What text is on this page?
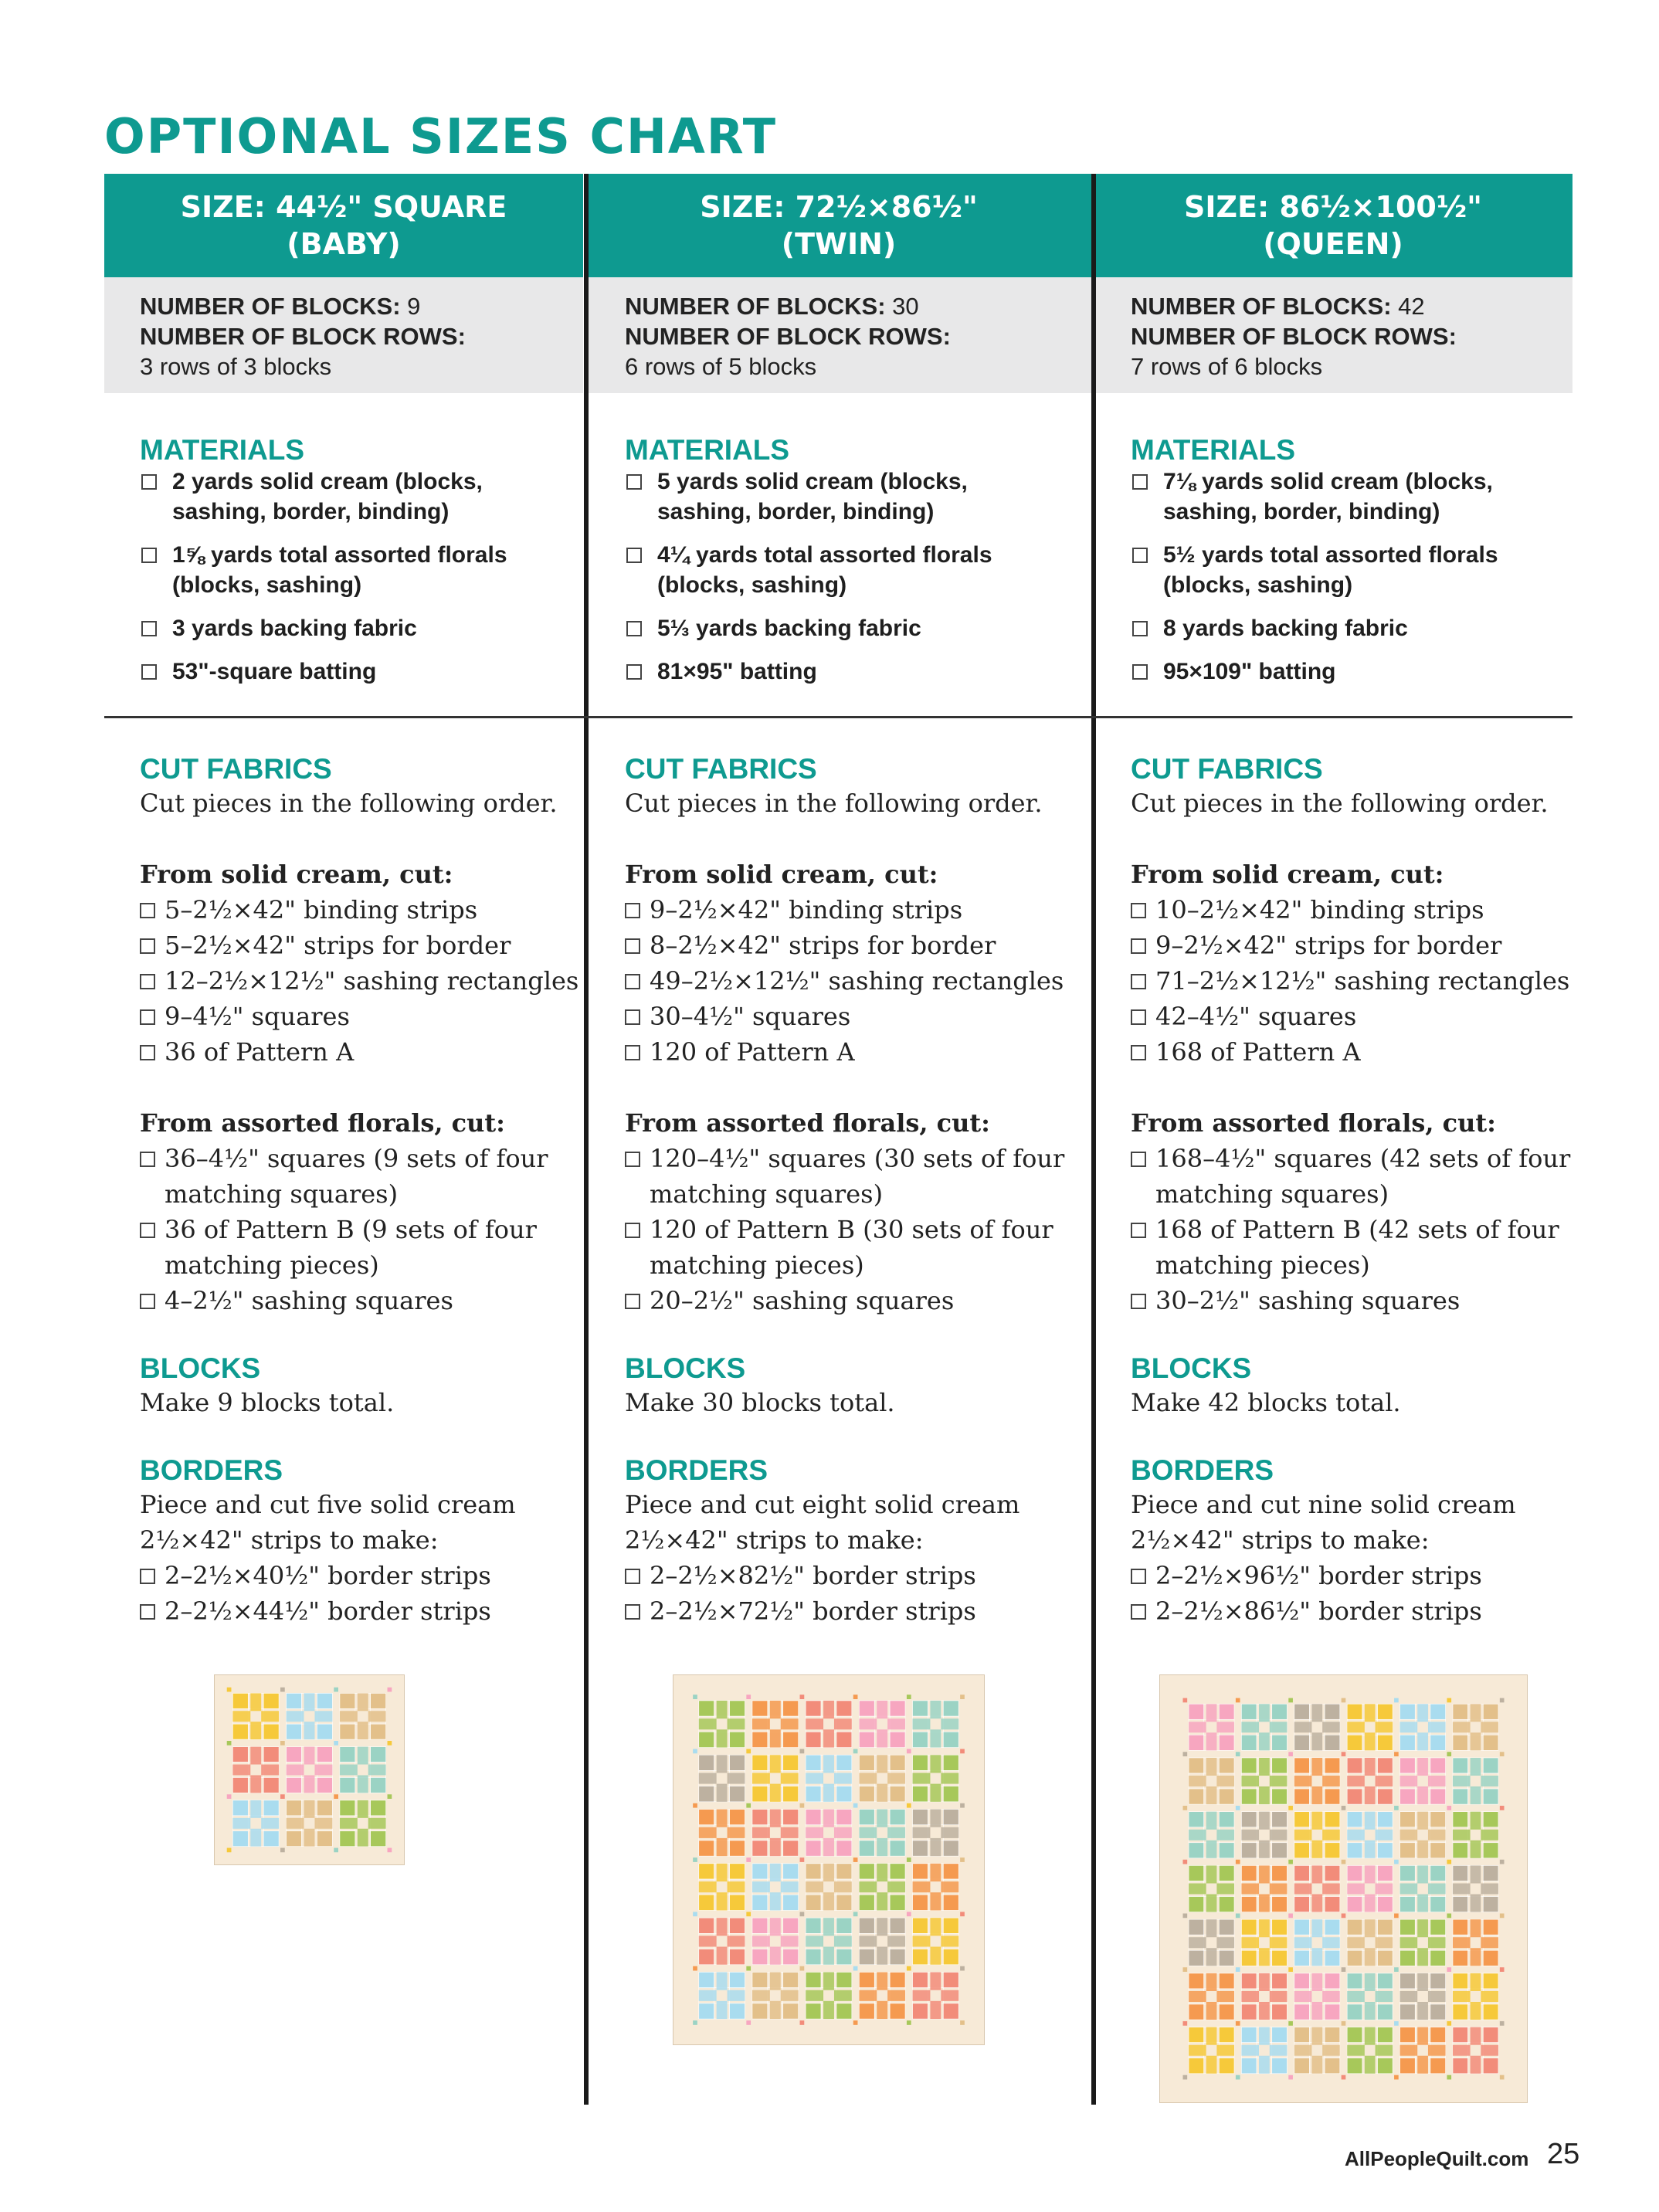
OPTIONAL SIZES CHART
SIZE: 44½" SQUARE
(BABY)
NUMBER OF BLOCKS: 9
NUMBER OF BLOCK ROWS:
3 rows of 3 blocks
MATERIALS
2 yards solid cream (blocks,
sashing, border, binding)
1⅝ yards total assorted florals
(blocks, sashing)
3 yards backing fabric
53"-square batting
CUT FABRICS
Cut pieces in the following order.
From solid cream, cut:
5–2½×42" binding strips
5–2½×42" strips for border
12–2½×12½" sashing rectangles
9–4½" squares
36 of Pattern A
From assorted florals, cut:
36–4½" squares (9 sets of four
matching squares)
36 of Pattern B (9 sets of four
matching pieces)
4–2½" sashing squares
BLOCKS
Make 9 blocks total.
BORDERS
Piece and cut five solid cream
2½×42" strips to make:
2–2½×40½" border strips
2–2½×44½" border strips
SIZE: 72½×86½"
(TWIN)
NUMBER OF BLOCKS: 30
NUMBER OF BLOCK ROWS:
6 rows of 5 blocks
MATERIALS
5 yards solid cream (blocks,
sashing, border, binding)
4¼ yards total assorted florals
(blocks, sashing)
5⅓ yards backing fabric
81×95" batting
CUT FABRICS
Cut pieces in the following order.
From solid cream, cut:
9–2½×42" binding strips
8–2½×42" strips for border
49–2½×12½" sashing rectangles
30–4½" squares
120 of Pattern A
From assorted florals, cut:
120–4½" squares (30 sets of four
matching squares)
120 of Pattern B (30 sets of four
matching pieces)
20–2½" sashing squares
BLOCKS
Make 30 blocks total.
BORDERS
Piece and cut eight solid cream
2½×42" strips to make:
2–2½×82½" border strips
2–2½×72½" border strips
SIZE: 86½×100½"
(QUEEN)
NUMBER OF BLOCKS: 42
NUMBER OF BLOCK ROWS:
7 rows of 6 blocks
MATERIALS
7⅛ yards solid cream (blocks,
sashing, border, binding)
5½ yards total assorted florals
(blocks, sashing)
8 yards backing fabric
95×109" batting
CUT FABRICS
Cut pieces in the following order.
From solid cream, cut:
10–2½×42" binding strips
9–2½×42" strips for border
71–2½×12½" sashing rectangles
42–4½" squares
168 of Pattern A
From assorted florals, cut:
168–4½" squares (42 sets of four
matching squares)
168 of Pattern B (42 sets of four
matching pieces)
30–2½" sashing squares
BLOCKS
Make 42 blocks total.
BORDERS
Piece and cut nine solid cream
2½×42" strips to make:
2–2½×96½" border strips
2–2½×86½" border strips
AllPeopleQuilt.com 25
